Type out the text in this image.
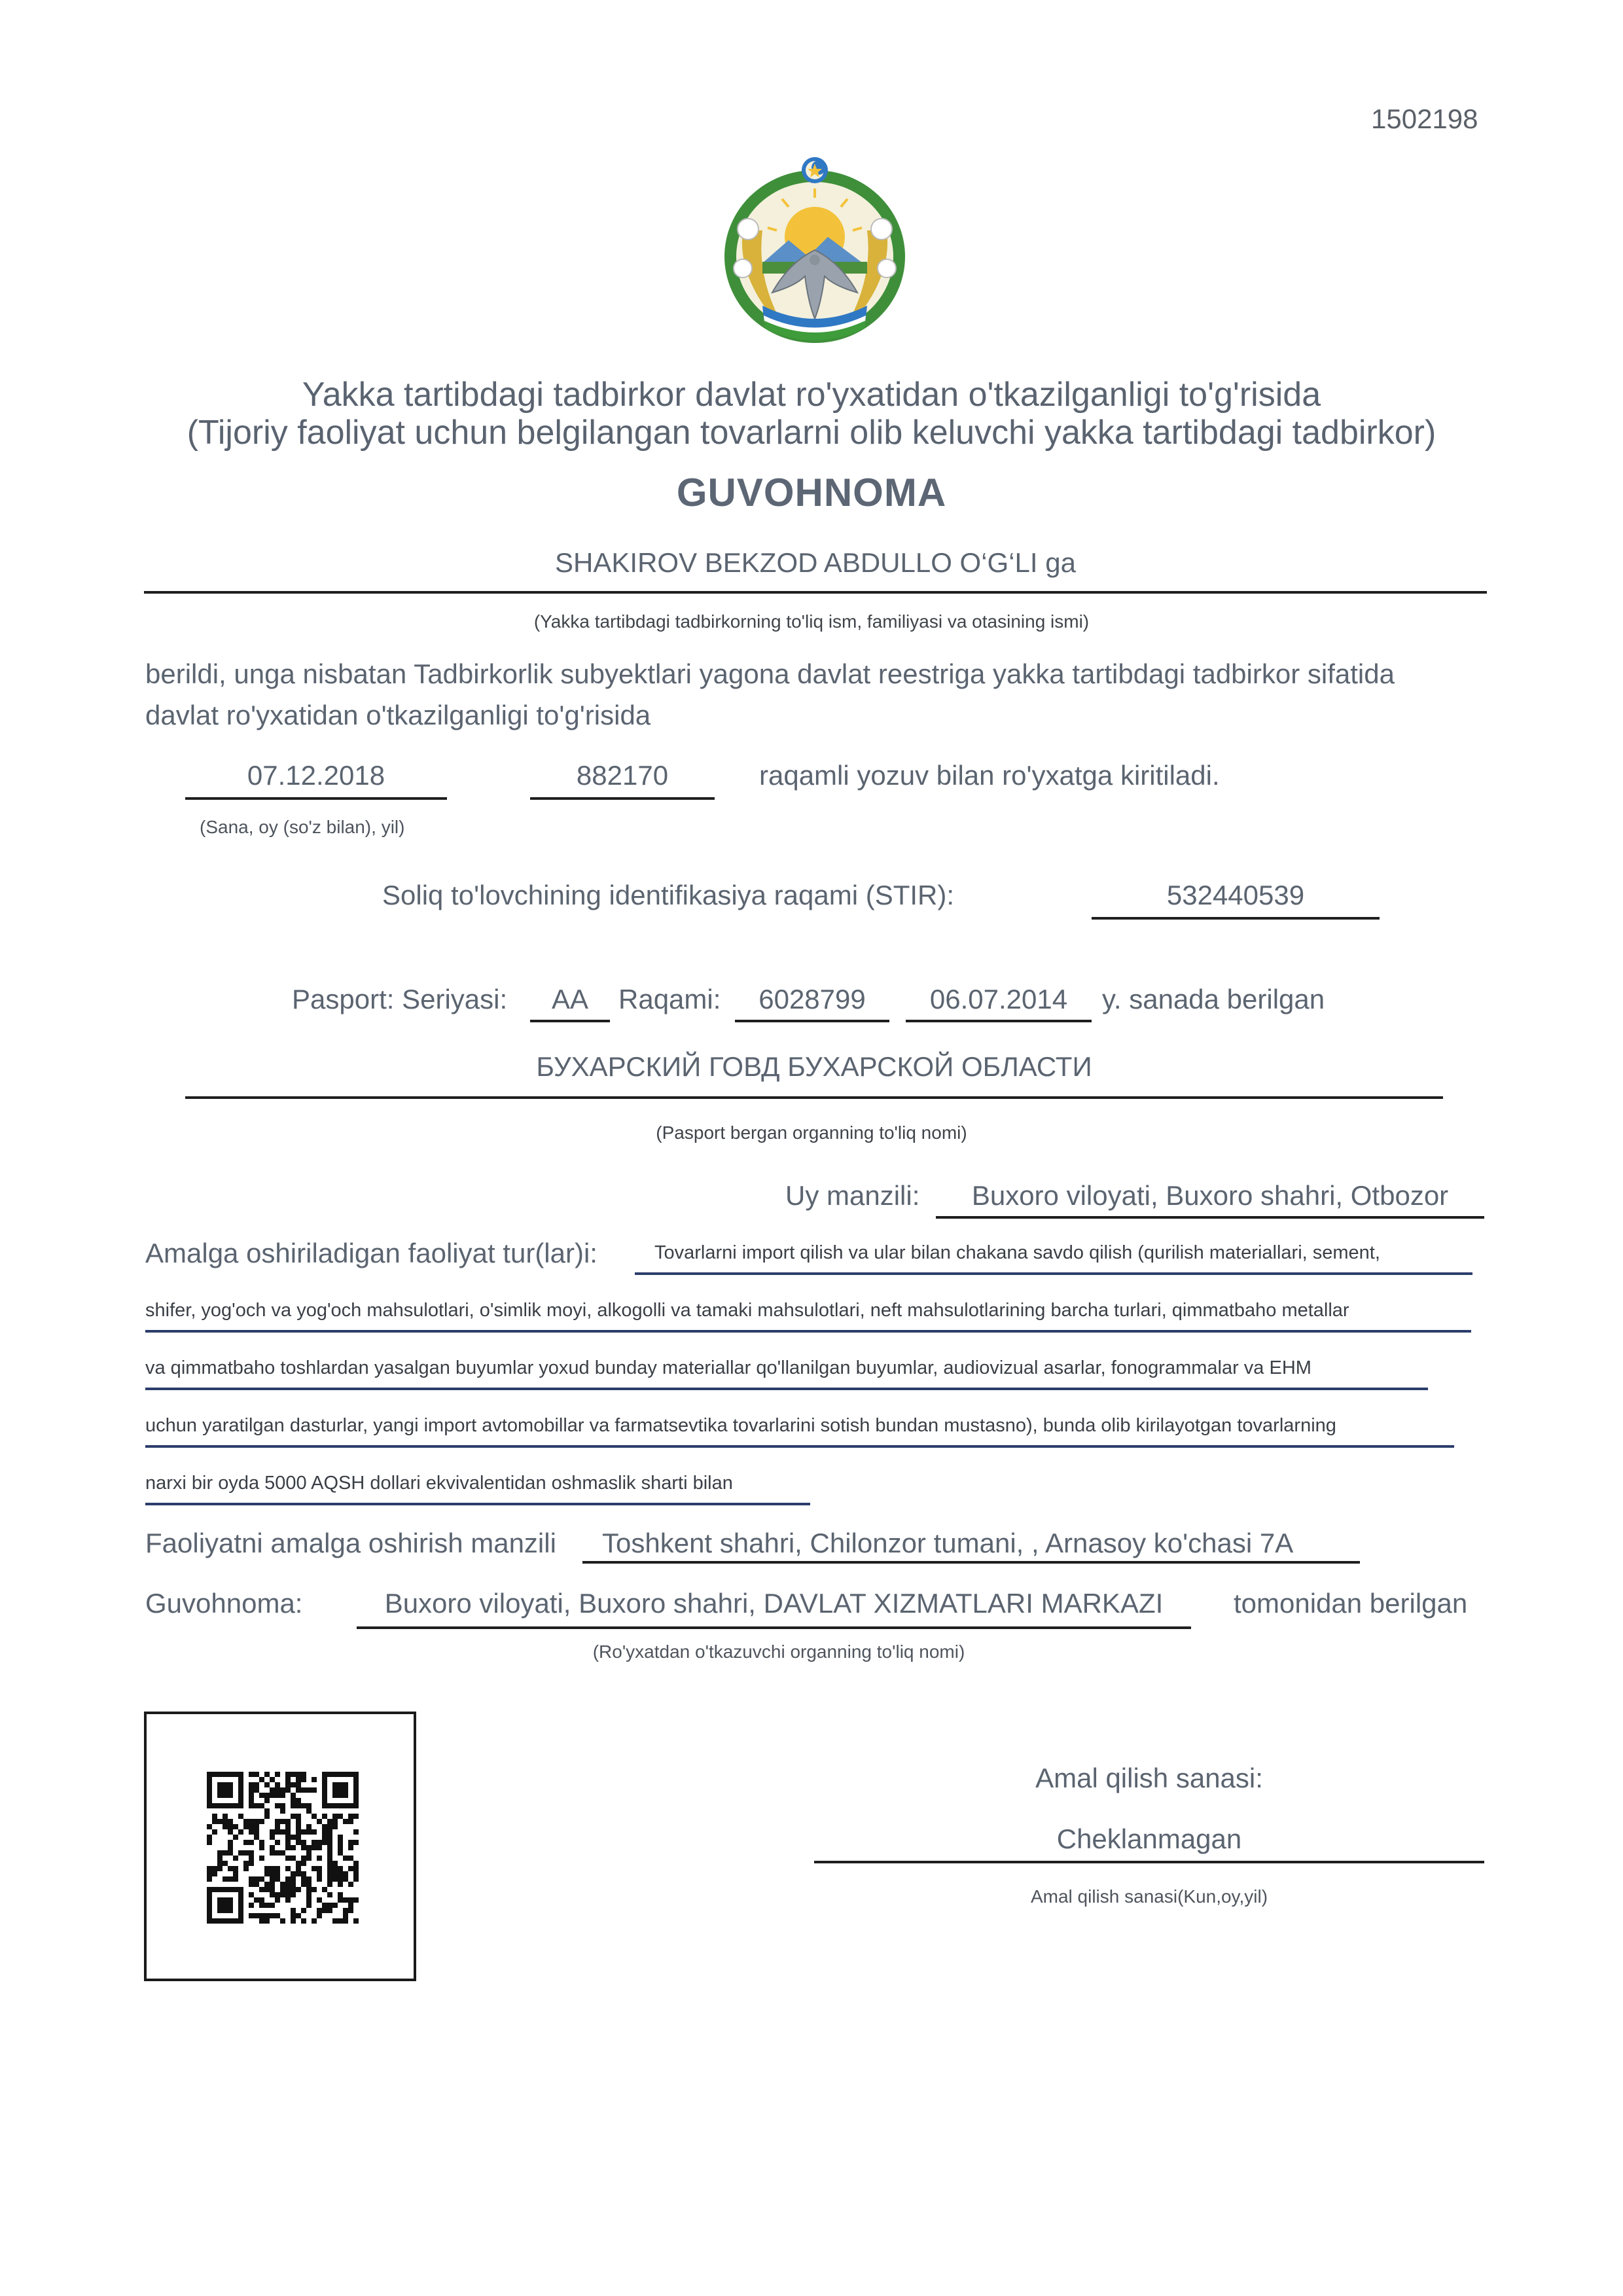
1502198
Yakka tartibdagi tadbirkor davlat ro'yxatidan o'tkazilganligi to'g'risida
(Tijoriy faoliyat uchun belgilangan tovarlarni olib keluvchi yakka tartibdagi tadbirkor)
GUVOHNOMA
SHAKIROV BEKZOD ABDULLO O‘G‘LI ga
(Yakka tartibdagi tadbirkorning to'liq ism, familiyasi va otasining ismi)
berildi, unga nisbatan Tadbirkorlik subyektlari yagona davlat reestriga yakka tartibdagi tadbirkor sifatida
davlat ro'yxatidan o'tkazilganligi to'g'risida
07.12.2018	882170	raqamli yozuv bilan ro'yxatga kiritiladi.
(Sana, oy (so'z bilan), yil)
Soliq to'lovchining identifikasiya raqami (STIR):	532440539
Pasport: Seriyasi:	AA	Raqami:	6028799	06.07.2014	y. sanada berilgan
БУХАРСКИЙ ГОВД БУХАРСКОЙ ОБЛАСТИ
(Pasport bergan organning to'liq nomi)
Uy manzili:	Buxoro viloyati, Buxoro shahri, Otbozor
Amalga oshiriladigan faoliyat tur(lar)i:	Tovarlarni import qilish va ular bilan chakana savdo qilish (qurilish materiallari, sement,
shifer, yog'och va yog'och mahsulotlari, o'simlik moyi, alkogolli va tamaki mahsulotlari, neft mahsulotlarining barcha turlari, qimmatbaho metallar
va qimmatbaho toshlardan yasalgan buyumlar yoxud bunday materiallar qo'llanilgan buyumlar, audiovizual asarlar, fonogrammalar va EHM
uchun yaratilgan dasturlar, yangi import avtomobillar va farmatsevtika tovarlarini sotish bundan mustasno), bunda olib kirilayotgan tovarlarning
narxi bir oyda 5000 AQSH dollari ekvivalentidan oshmaslik sharti bilan
Faoliyatni amalga oshirish manzili	Toshkent shahri, Chilonzor tumani, , Arnasoy ko'chasi 7A
Guvohnoma:	Buxoro viloyati, Buxoro shahri, DAVLAT XIZMATLARI MARKAZI	tomonidan berilgan
(Ro'yxatdan o'tkazuvchi organning to'liq nomi)
Amal qilish sanasi:
Cheklanmagan
Amal qilish sanasi(Kun,oy,yil)
